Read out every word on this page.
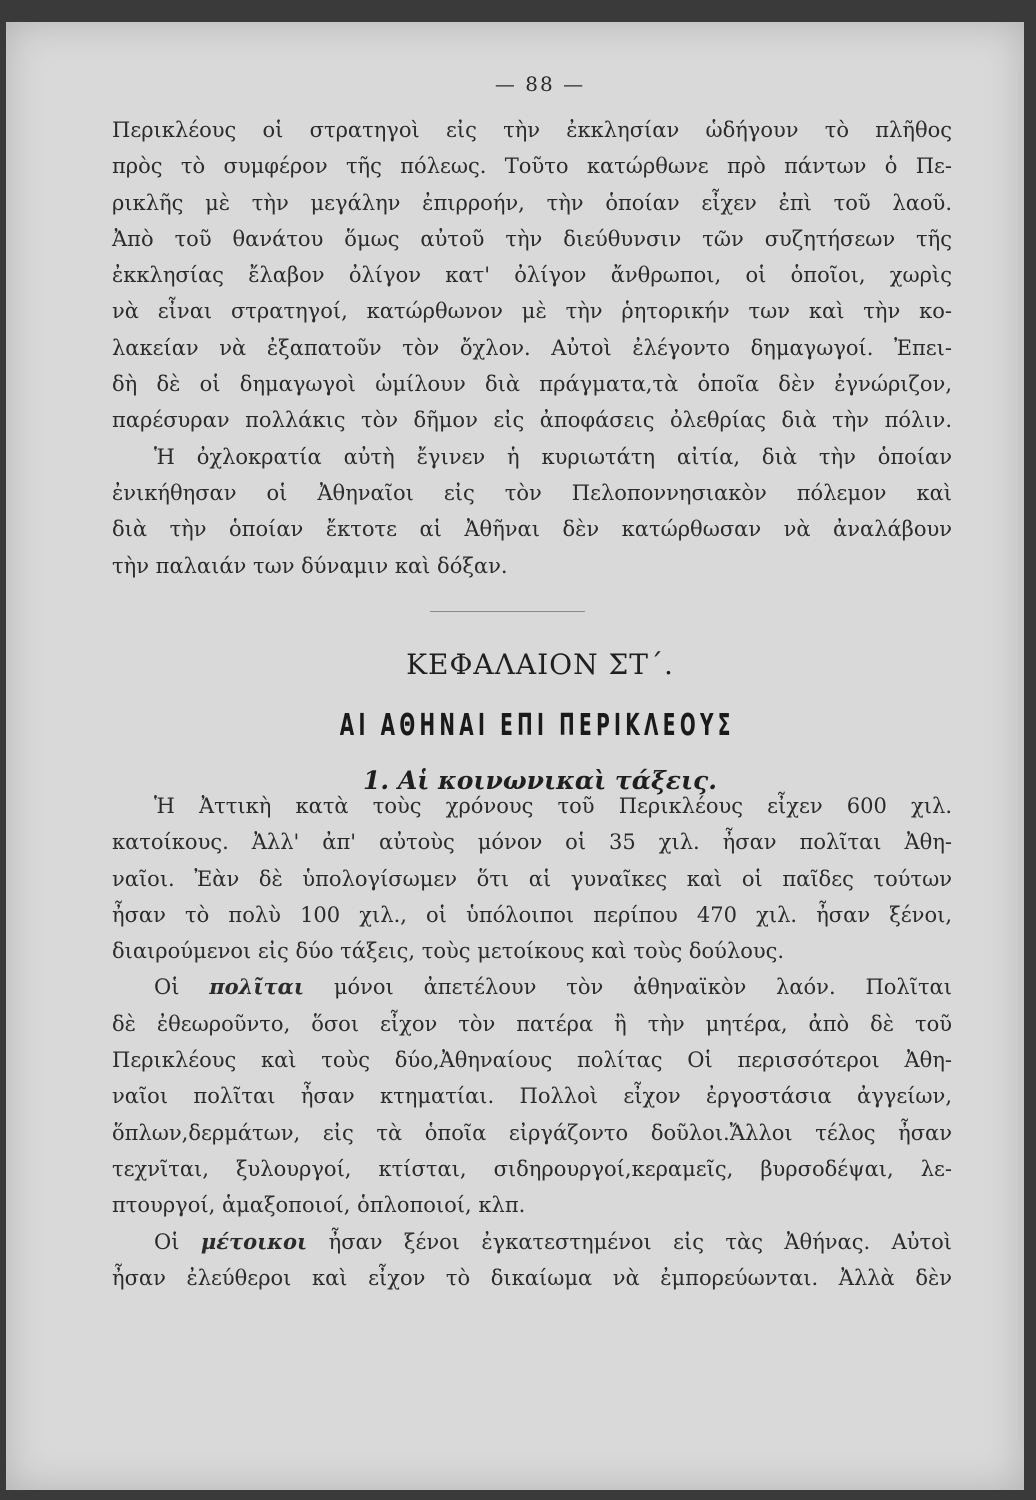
— 88 —
Περικλέους οἱ στρατηγοὶ εἰς τὴν ἐκκλησίαν ὡδήγουν τὸ πλῆθος
πρὸς τὸ συμφέρον τῆς πόλεως. Τοῦτο κατώρθωνε πρὸ πάντων ὁ Πε-
ρικλῆς μὲ τὴν μεγάλην ἐπιρροήν, τὴν ὁποίαν εἶχεν ἐπὶ τοῦ λαοῦ.
Ἀπὸ τοῦ θανάτου ὅμως αὐτοῦ τὴν διεύθυνσιν τῶν συζητήσεων τῆς
ἐκκλησίας ἔλαβον ὀλίγον κατ' ὀλίγον ἄνθρωποι, οἱ ὁποῖοι, χωρὶς
νὰ εἶναι στρατηγοί, κατώρθωνον μὲ τὴν ῥητορικήν των καὶ τὴν κο-
λακείαν νὰ ἐξαπατοῦν τὸν ὄχλον. Αὐτοὶ ἐλέγοντο δημαγωγοί. Ἐπει-
δὴ δὲ οἱ δημαγωγοὶ ὡμίλουν διὰ πράγματα,τὰ ὁποῖα δὲν ἐγνώριζον,
παρέσυραν πολλάκις τὸν δῆμον εἰς ἀποφάσεις ὀλεθρίας διὰ τὴν πόλιν.
Ἡ ὀχλοκρατία αὐτὴ ἔγινεν ἡ κυριωτάτη αἰτία, διὰ τὴν ὁποίαν
ἐνικήθησαν οἱ Ἀθηναῖοι εἰς τὸν Πελοποννησιακὸν πόλεμον καὶ
διὰ τὴν ὁποίαν ἔκτοτε αἱ Ἀθῆναι δὲν κατώρθωσαν νὰ ἀναλάβουν
τὴν παλαιάν των δύναμιν καὶ δόξαν.
ΚΕΦΑΛΑΙΟΝ ΣΤ΄.
ΑΙ ΑΘΗΝΑΙ ΕΠΙ ΠΕΡΙΚΛΕΟΥΣ
1. Αἱ κοινωνικαὶ τάξεις.
Ἡ Ἀττικὴ κατὰ τοὺς χρόνους τοῦ Περικλέους εἶχεν 600 χιλ.
κατοίκους. Ἀλλ' ἀπ' αὐτοὺς μόνον οἱ 35 χιλ. ἦσαν πολῖται Ἀθη-
ναῖοι. Ἐὰν δὲ ὑπολογίσωμεν ὅτι αἱ γυναῖκες καὶ οἱ παῖδες τούτων
ἦσαν τὸ πολὺ 100 χιλ., οἱ ὑπόλοιποι περίπου 470 χιλ. ἦσαν ξένοι,
διαιρούμενοι εἰς δύο τάξεις, τοὺς μετοίκους καὶ τοὺς δούλους.
Οἱ πολῖται μόνοι ἀπετέλουν τὸν ἀθηναϊκὸν λαόν. Πολῖται
δὲ ἐθεωροῦντο, ὅσοι εἶχον τὸν πατέρα ἢ τὴν μητέρα, ἀπὸ δὲ τοῦ
Περικλέους καὶ τοὺς δύο,Ἀθηναίους πολίτας Οἱ περισσότεροι Ἀθη-
ναῖοι πολῖται ἦσαν κτηματίαι. Πολλοὶ εἶχον ἐργοστάσια ἀγγείων,
ὅπλων,δερμάτων, εἰς τὰ ὁποῖα εἰργάζοντο δοῦλοι.Ἄλλοι τέλος ἦσαν
τεχνῖται, ξυλουργοί, κτίσται, σιδηρουργοί,κεραμεῖς, βυρσοδέψαι, λε-
πτουργοί, ἁμαξοποιοί, ὁπλοποιοί, κλπ.
Οἱ μέτοικοι ἦσαν ξένοι ἐγκατεστημένοι εἰς τὰς Ἀθήνας. Αὐτοὶ
ἦσαν ἐλεύθεροι καὶ εἶχον τὸ δικαίωμα νὰ ἐμπορεύωνται. Ἀλλὰ δὲν
